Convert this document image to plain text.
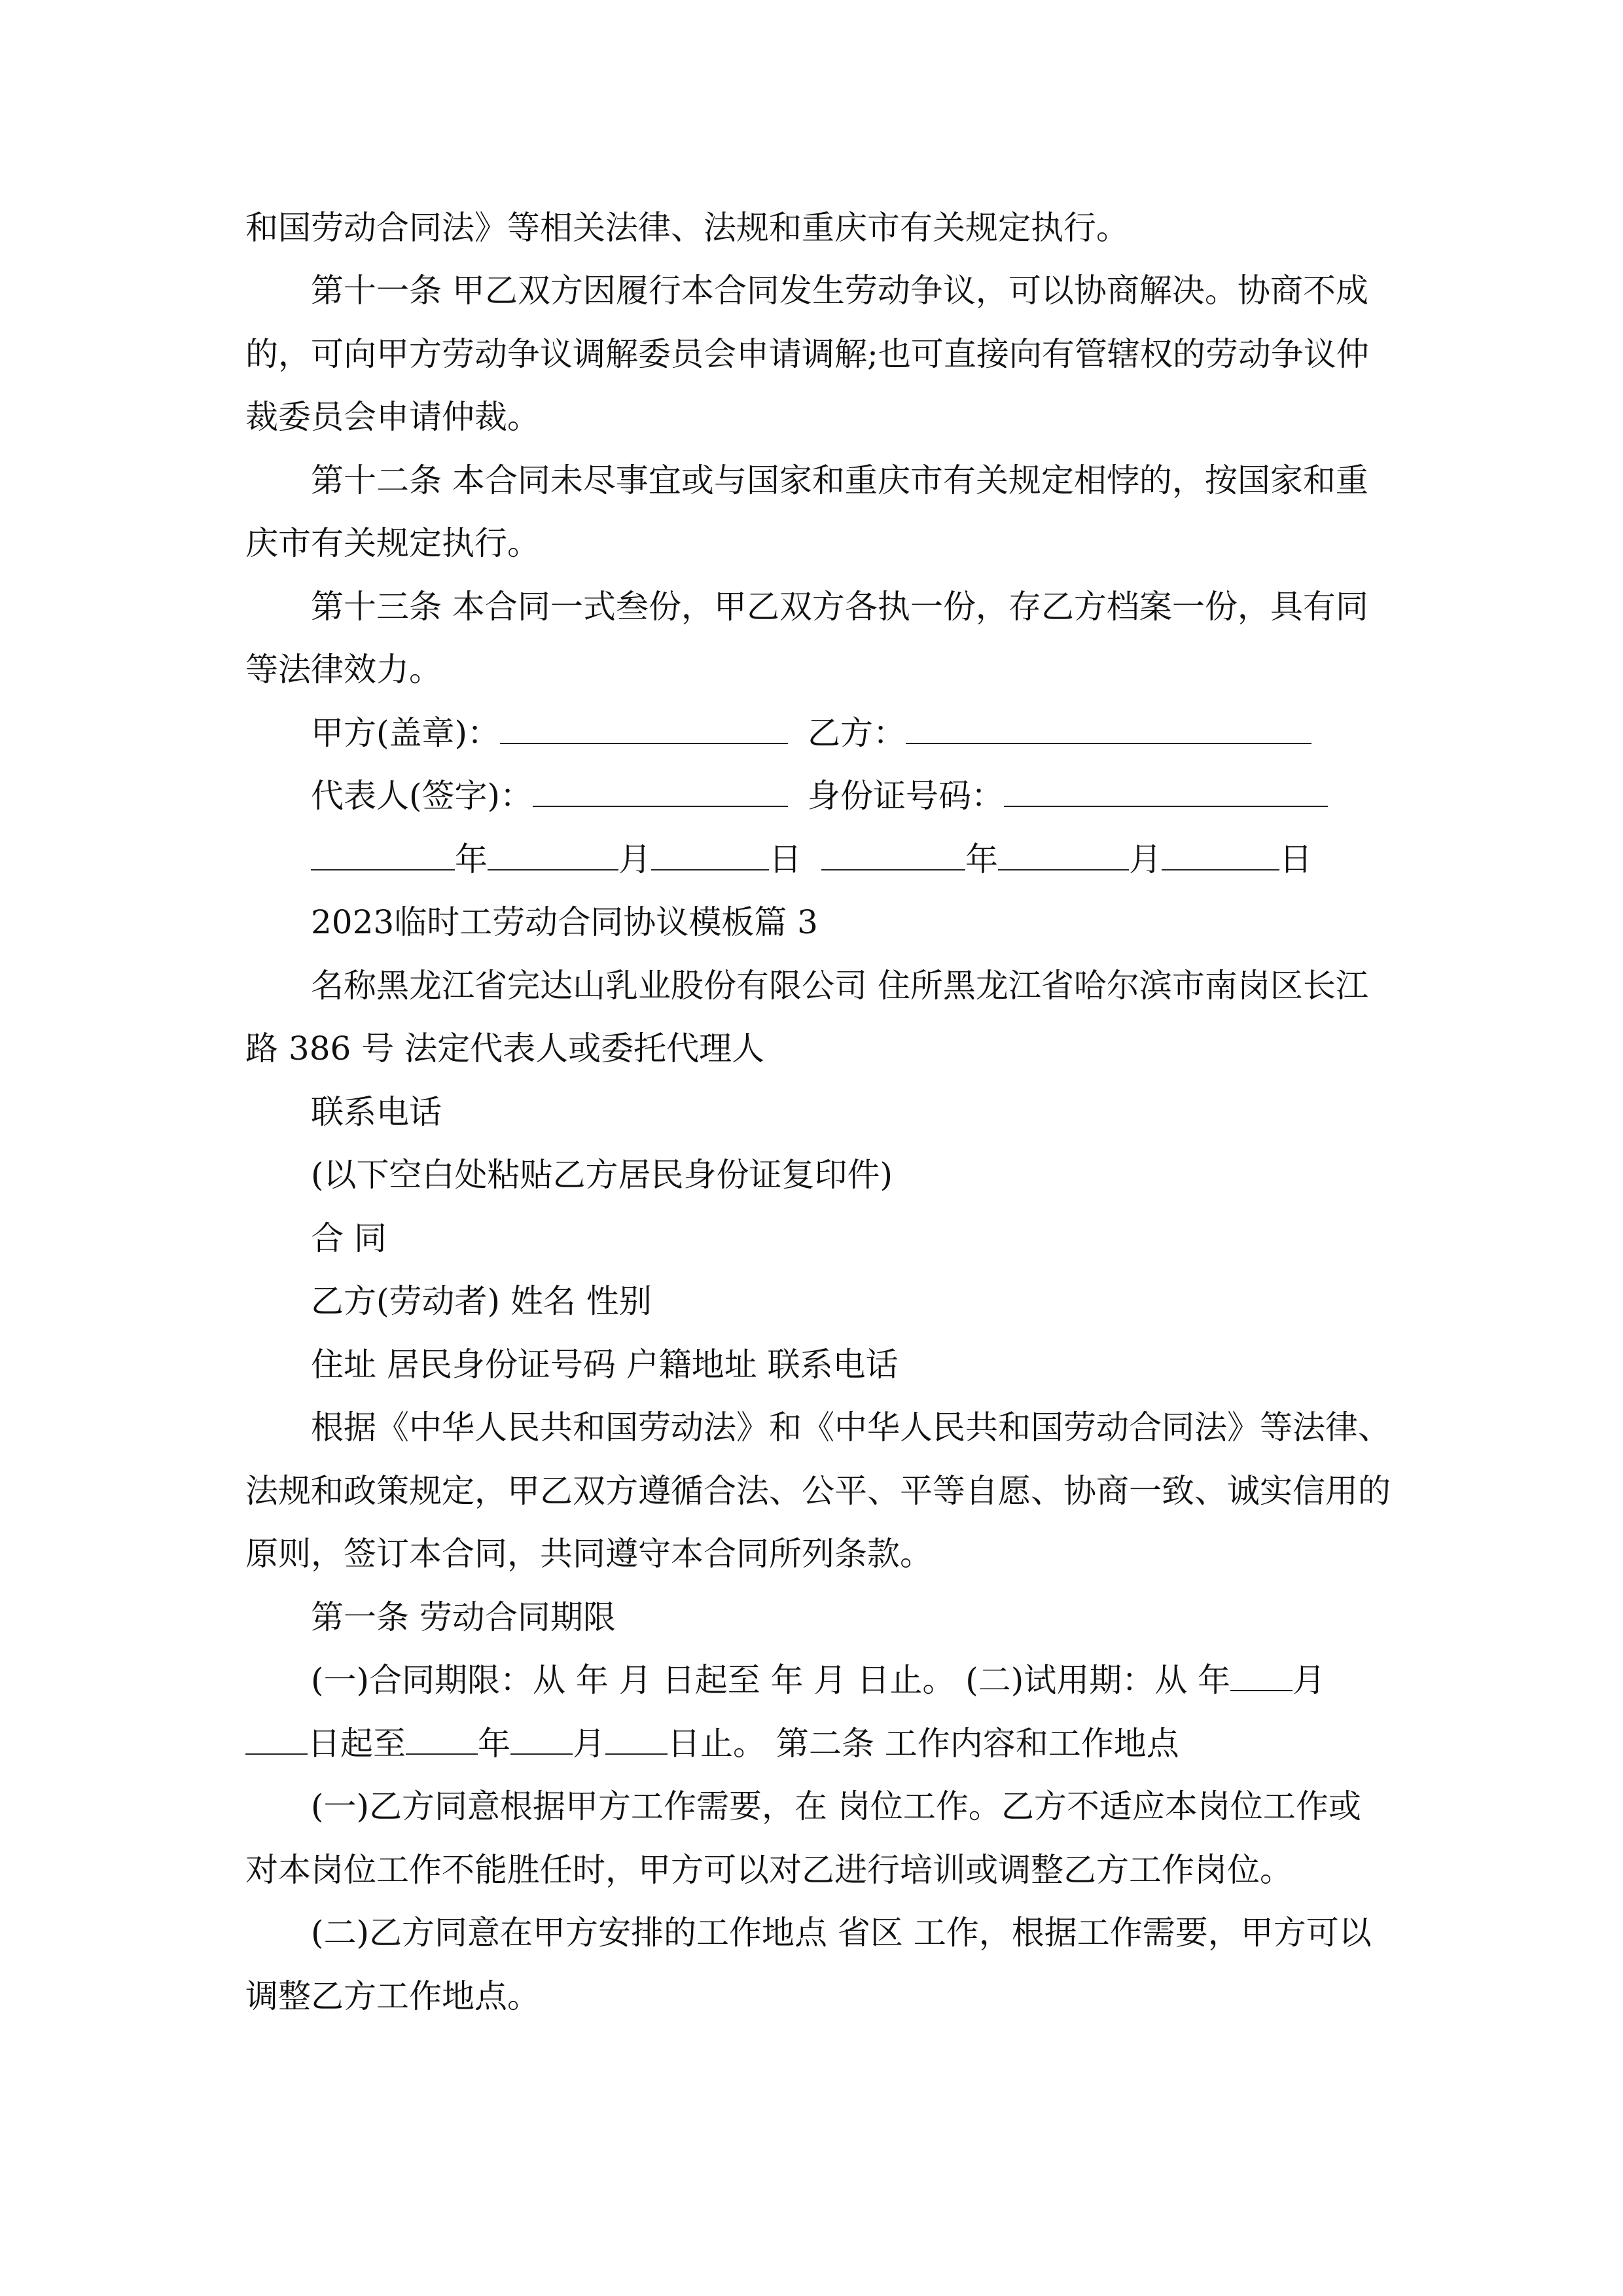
和国劳动合同法》等相关法律、法规和重庆市有关规定执行。
第十一条 甲乙双方因履行本合同发生劳动争议，可以协商解决。协商不成
的，可向甲方劳动争议调解委员会申请调解;也可直接向有管辖权的劳动争议仲
裁委员会申请仲裁。
第十二条 本合同未尽事宜或与国家和重庆市有关规定相悖的，按国家和重
庆市有关规定执行。
第十三条 本合同一式叁份，甲乙双方各执一份，存乙方档案一份，具有同
等法律效力。
甲方(盖章)：	乙方：
代表人(签字)：	身份证号码：
年	月	日	年	月	日
2023临时工劳动合同协议模板篇 3
名称黑龙江省完达山乳业股份有限公司 住所黑龙江省哈尔滨市南岗区长江
路 386 号 法定代表人或委托代理人
联系电话
(以下空白处粘贴乙方居民身份证复印件)
合 同
乙方(劳动者) 姓名 性别
住址 居民身份证号码 户籍地址 联系电话
根据《中华人民共和国劳动法》和《中华人民共和国劳动合同法》等法律、
法规和政策规定，甲乙双方遵循合法、公平、平等自愿、协商一致、诚实信用的
原则，签订本合同，共同遵守本合同所列条款。
第一条 劳动合同期限
(一)合同期限：从 年 月 日起至 年 月 日止。 (二)试用期：从 年 月
日起至 年 月 日止。 第二条 工作内容和工作地点
(一)乙方同意根据甲方工作需要，在 岗位工作。乙方不适应本岗位工作或
对本岗位工作不能胜任时，甲方可以对乙进行培训或调整乙方工作岗位。
(二)乙方同意在甲方安排的工作地点 省区 工作，根据工作需要，甲方可以
调整乙方工作地点。
